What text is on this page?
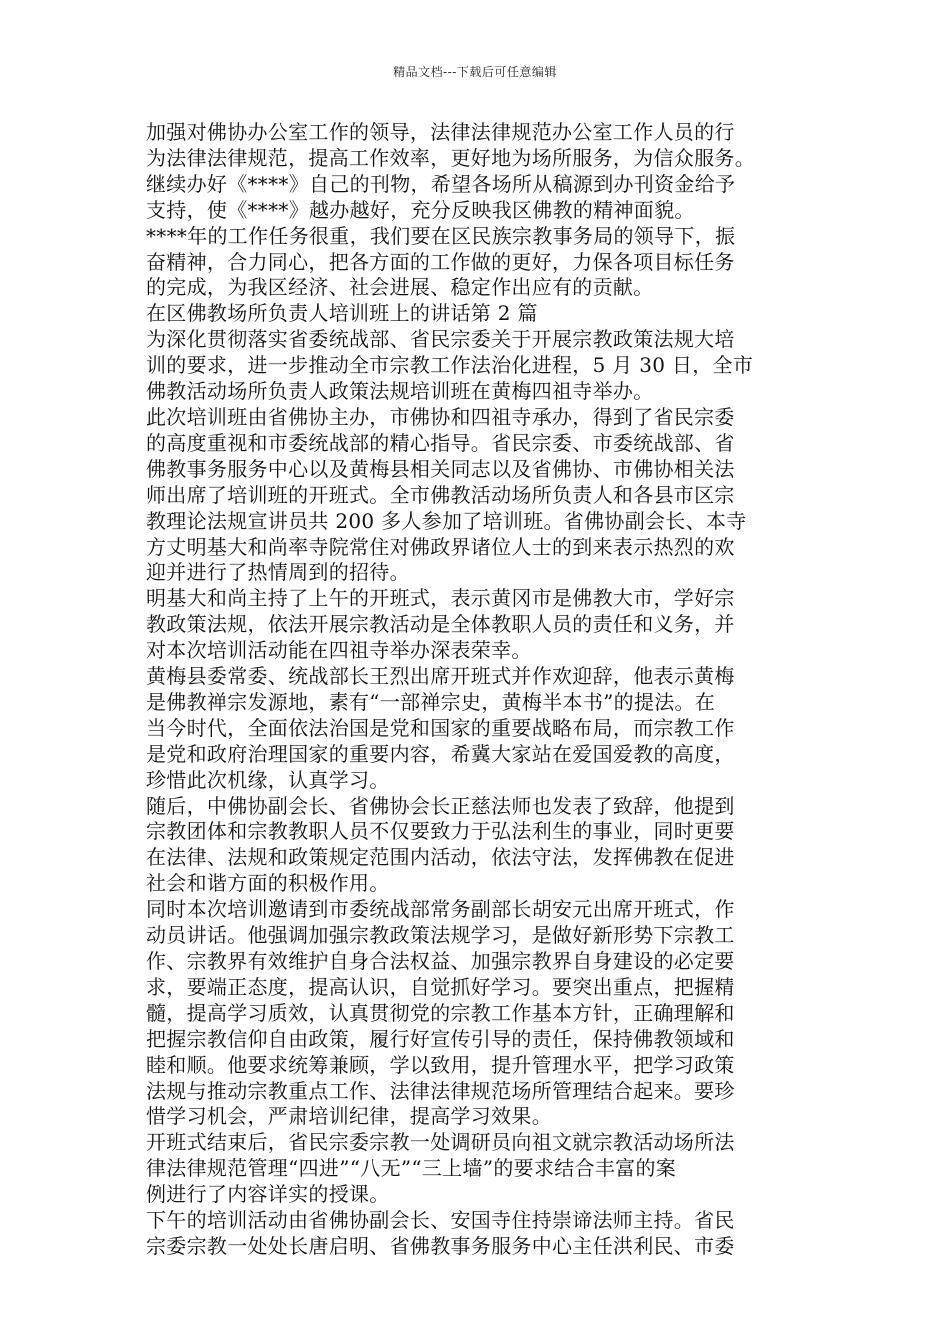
精品文档---下载后可任意编辑

加强对佛协办公室工作的领导，法律法律规范办公室工作人员的行
为法律法律规范，提高工作效率，更好地为场所服务，为信众服务。

继续办好《****》自己的刊物，希望各场所从稿源到办刊资金给予
支持，使《****》越办越好，充分反映我区佛教的精神面貌。

****年的工作任务很重，我们要在区民族宗教事务局的领导下，振
奋精神，合力同心，把各方面的工作做的更好，力保各项目标任务
的完成，为我区经济、社会进展、稳定作出应有的贡献。

在区佛教场所负责人培训班上的讲话第 2 篇

为深化贯彻落实省委统战部、省民宗委关于开展宗教政策法规大培
训的要求，进一步推动全市宗教工作法治化进程，5 月 30 日，全市
佛教活动场所负责人政策法规培训班在黄梅四祖寺举办。

此次培训班由省佛协主办，市佛协和四祖寺承办，得到了省民宗委
的高度重视和市委统战部的精心指导。省民宗委、市委统战部、省
佛教事务服务中心以及黄梅县相关同志以及省佛协、市佛协相关法
师出席了培训班的开班式。全市佛教活动场所负责人和各县市区宗
教理论法规宣讲员共 200 多人参加了培训班。省佛协副会长、本寺
方丈明基大和尚率寺院常住对佛政界诸位人士的到来表示热烈的欢
迎并进行了热情周到的招待。

明基大和尚主持了上午的开班式，表示黄冈市是佛教大市，学好宗
教政策法规，依法开展宗教活动是全体教职人员的责任和义务，并
对本次培训活动能在四祖寺举办深表荣幸。

黄梅县委常委、统战部长王烈出席开班式并作欢迎辞，他表示黄梅
是佛教禅宗发源地，素有“一部禅宗史，黄梅半本书”的提法。在
当今时代，全面依法治国是党和国家的重要战略布局，而宗教工作
是党和政府治理国家的重要内容，希冀大家站在爱国爱教的高度，
珍惜此次机缘，认真学习。

随后，中佛协副会长、省佛协会长正慈法师也发表了致辞，他提到
宗教团体和宗教教职人员不仅要致力于弘法利生的事业，同时更要
在法律、法规和政策规定范围内活动，依法守法，发挥佛教在促进
社会和谐方面的积极作用。

同时本次培训邀请到市委统战部常务副部长胡安元出席开班式，作
动员讲话。他强调加强宗教政策法规学习，是做好新形势下宗教工
作、宗教界有效维护自身合法权益、加强宗教界自身建设的必定要
求，要端正态度，提高认识，自觉抓好学习。要突出重点，把握精
髓，提高学习质效，认真贯彻党的宗教工作基本方针，正确理解和
把握宗教信仰自由政策，履行好宣传引导的责任，保持佛教领域和
睦和顺。他要求统筹兼顾，学以致用，提升管理水平，把学习政策
法规与推动宗教重点工作、法律法律规范场所管理结合起来。要珍
惜学习机会，严肃培训纪律，提高学习效果。

开班式结束后，省民宗委宗教一处调研员向祖文就宗教活动场所法
律法律规范管理“四进”“八无”“三上墙”的要求结合丰富的案
例进行了内容详实的授课。

下午的培训活动由省佛协副会长、安国寺住持崇谛法师主持。省民
宗委宗教一处处长唐启明、省佛教事务服务中心主任洪利民、市委
